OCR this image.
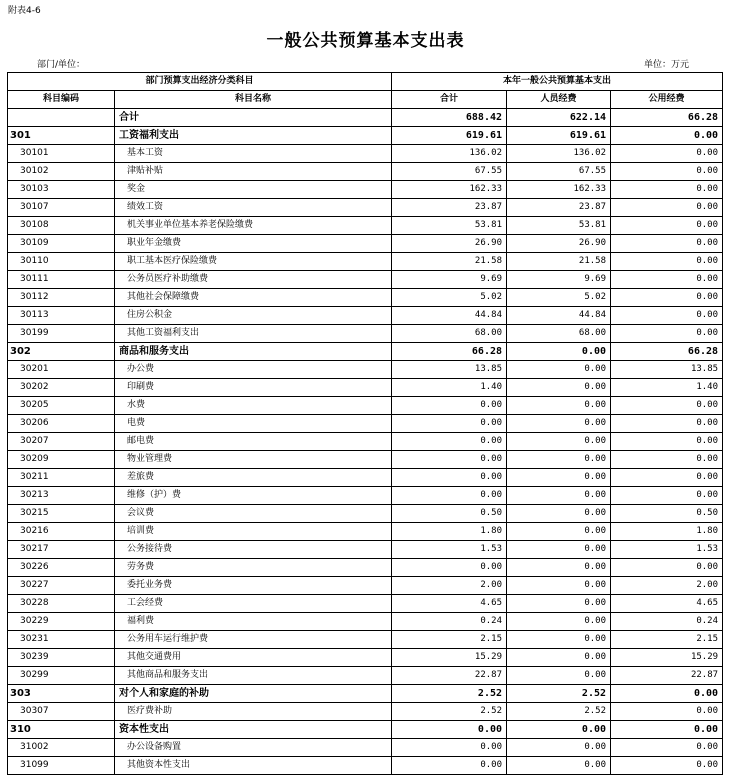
附表4-6
一般公共预算基本支出表
部门/单位：	单位：万元
部门预算支出经济分类科目		本年一般公共预算基本支出		
科目编码	科目名称	合计	人员经费	公用经费
	合计	688.42	622.14	66.28
301	工资福利支出	619.61	619.61	0.00
30101	基本工资	136.02	136.02	0.00
30102	津贴补贴	67.55	67.55	0.00
30103	奖金	162.33	162.33	0.00
30107	绩效工资	23.87	23.87	0.00
30108	机关事业单位基本养老保险缴费	53.81	53.81	0.00
30109	职业年金缴费	26.90	26.90	0.00
30110	职工基本医疗保险缴费	21.58	21.58	0.00
30111	公务员医疗补助缴费	9.69	9.69	0.00
30112	其他社会保障缴费	5.02	5.02	0.00
30113	住房公积金	44.84	44.84	0.00
30199	其他工资福利支出	68.00	68.00	0.00
302	商品和服务支出	66.28	0.00	66.28
30201	办公费	13.85	0.00	13.85
30202	印刷费	1.40	0.00	1.40
30205	水费	0.00	0.00	0.00
30206	电费	0.00	0.00	0.00
30207	邮电费	0.00	0.00	0.00
30209	物业管理费	0.00	0.00	0.00
30211	差旅费	0.00	0.00	0.00
30213	维修（护）费	0.00	0.00	0.00
30215	会议费	0.50	0.00	0.50
30216	培训费	1.80	0.00	1.80
30217	公务接待费	1.53	0.00	1.53
30226	劳务费	0.00	0.00	0.00
30227	委托业务费	2.00	0.00	2.00
30228	工会经费	4.65	0.00	4.65
30229	福利费	0.24	0.00	0.24
30231	公务用车运行维护费	2.15	0.00	2.15
30239	其他交通费用	15.29	0.00	15.29
30299	其他商品和服务支出	22.87	0.00	22.87
303	对个人和家庭的补助	2.52	2.52	0.00
30307	医疗费补助	2.52	2.52	0.00
310	资本性支出	0.00	0.00	0.00
31002	办公设备购置	0.00	0.00	0.00
31099	其他资本性支出	0.00	0.00	0.00
